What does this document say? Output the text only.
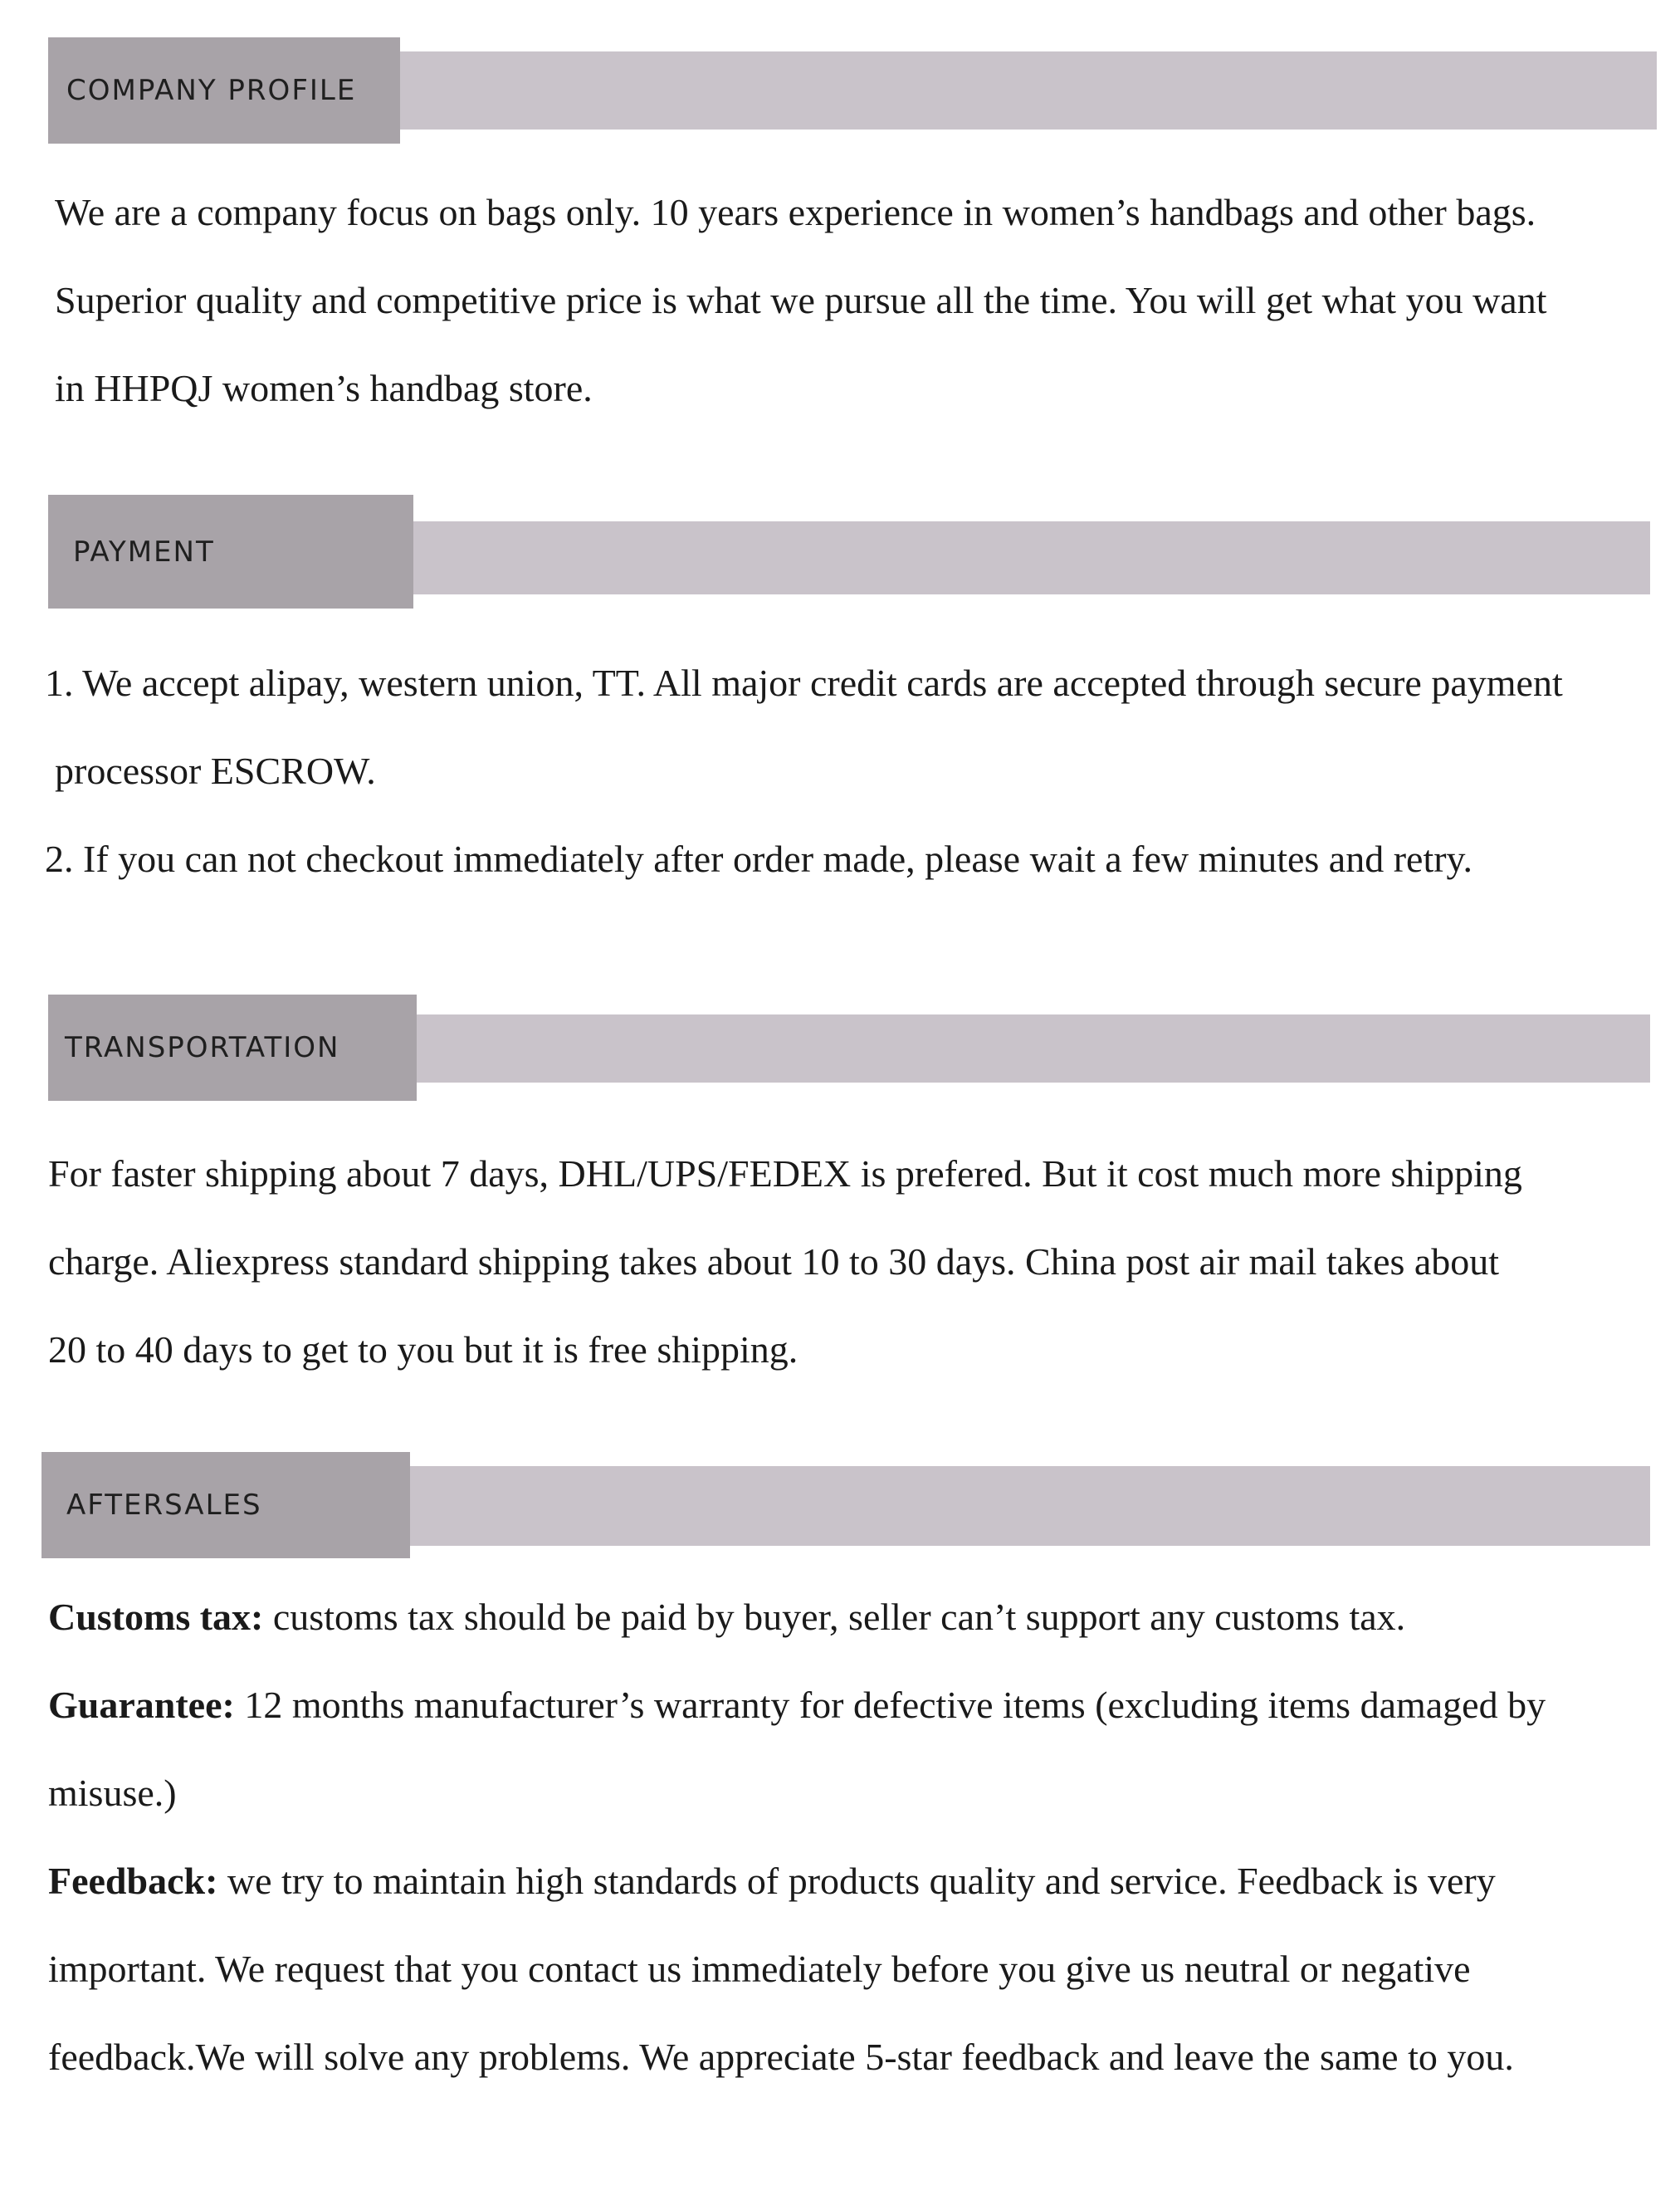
COMPANY PROFILE

We are a company focus on bags only. 10 years experience in women’s handbags and other bags.
Superior quality and competitive price is what we pursue all the time. You will get what you want
in HHPQJ women’s handbag store.

PAYMENT

1. We accept alipay, western union, TT. All major credit cards are accepted through secure payment
processor ESCROW.
2. If you can not checkout immediately after order made, please wait a few minutes and retry.

TRANSPORTATION

For faster shipping about 7 days, DHL/UPS/FEDEX is prefered. But it cost much more shipping
charge. Aliexpress standard shipping takes about 10 to 30 days. China post air mail takes about
20 to 40 days to get to you but it is free shipping.

AFTERSALES

Customs tax: customs tax should be paid by buyer, seller can’t support any customs tax.
Guarantee: 12 months manufacturer’s warranty for defective items (excluding items damaged by
misuse.)
Feedback: we try to maintain high standards of products quality and service. Feedback is very
important. We request that you contact us immediately before you give us neutral or negative
feedback.We will solve any problems. We appreciate 5-star feedback and leave the same to you.
